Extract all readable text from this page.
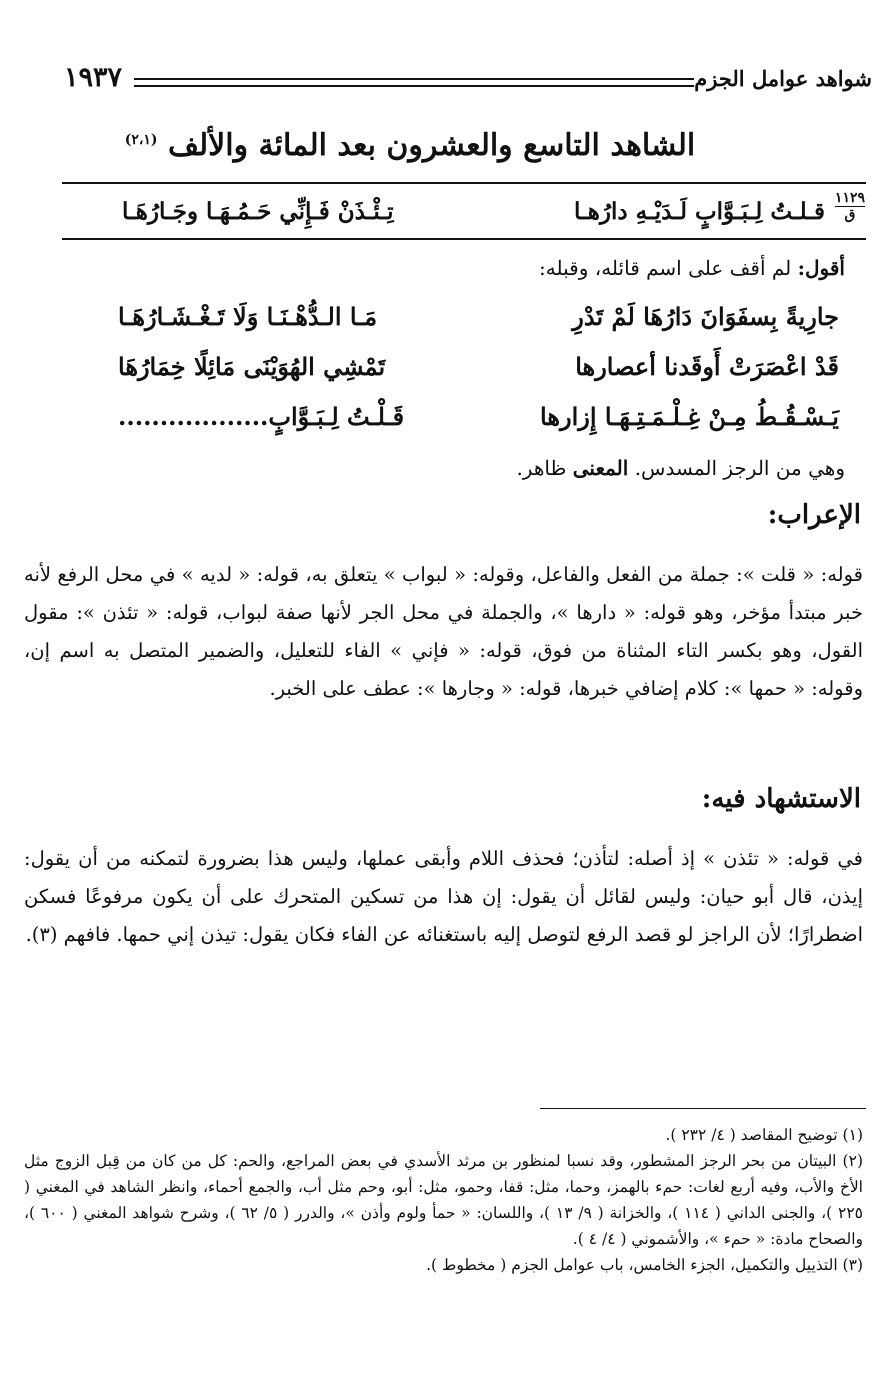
شواهد عوامل الجزم
١٩٣٧
الشاهد التاسع والعشرون بعد المائة والألف $^{(٢،١)}$
١١٢٩
ق
قـلـتُ لِـبَـوَّابٍ لَـدَيْـهِ دارُهـا
تِـئْـذَنْ فَـإِنِّي حَـمُـهَـا وجَـارُهَـا
أقول: لم أقف على اسم قائله، وقبله:
جارِيةً بِسفَوَانَ دَارُهَا لَمْ تَدْرِ
مَـا الـدُّهْـنَـا وَلَا تَـغْـشَـارُهَـا
قَدْ اعْصَرَتْ أَوقَدنا أعصارها
تَمْشِي الهُوَيْنَى مَائِلًا خِمَارُهَا
يَـسْـقُـطُ مِـنْ غِـلْـمَـتِـهَـا إِزارها
قَـلْـتُ لِـبَـوَّابٍ..................
وهي من الرجز المسدس. المعنى ظاهر.
الإعراب:
قوله: « قلت »: جملة من الفعل والفاعل، وقوله: « لبواب » يتعلق به، قوله: « لديه » في محل الرفع لأنه خبر مبتدأ مؤخر، وهو قوله: « دارها »، والجملة في محل الجر لأنها صفة لبواب، قوله: « تئذن »: مقول القول، وهو بكسر التاء المثناة من فوق، قوله: « فإني » الفاء للتعليل، والضمير المتصل به اسم إن، وقوله: « حمها »: كلام إضافي خبرها، قوله: « وجارها »: عطف على الخبر.
الاستشهاد فيه:
في قوله: « تئذن » إذ أصله: لتأذن؛ فحذف اللام وأبقى عملها، وليس هذا بضرورة لتمكنه من أن يقول: إيذن، قال أبو حيان: وليس لقائل أن يقول: إن هذا من تسكين المتحرك على أن يكون مرفوعًا فسكن اضطرارًا؛ لأن الراجز لو قصد الرفع لتوصل إليه باستغنائه عن الفاء فكان يقول: تيذن إني حمها. فافهم (٣).

(١) توضيح المقاصد ( ٤/ ٢٣٢ ).

(٢) البيتان من بحر الرجز المشطور، وقد نسبا لمنظور بن مرثد الأسدي في بعض المراجع، والحم: كل من كان من قِبل الزوج مثل الأخ والأب، وفيه أربع لغات: حمء بالهمز، وحما، مثل: قفا، وحمو، مثل: أبو، وحم مثل أب، والجمع أحماء، وانظر الشاهد في المغني ( ٢٢٥ )، والجنى الداني ( ١١٤ )، والخزانة ( ٩/ ١٣ )، واللسان: « حمأ ولوم وأذن »، والدرر ( ٥/ ٦٢ )، وشرح شواهد المغني ( ٦٠٠ )، والصحاح مادة: « حمء »، والأشموني ( ٤/ ٤ ).

(٣) التذييل والتكميل، الجزء الخامس، باب عوامل الجزم ( مخطوط ).
